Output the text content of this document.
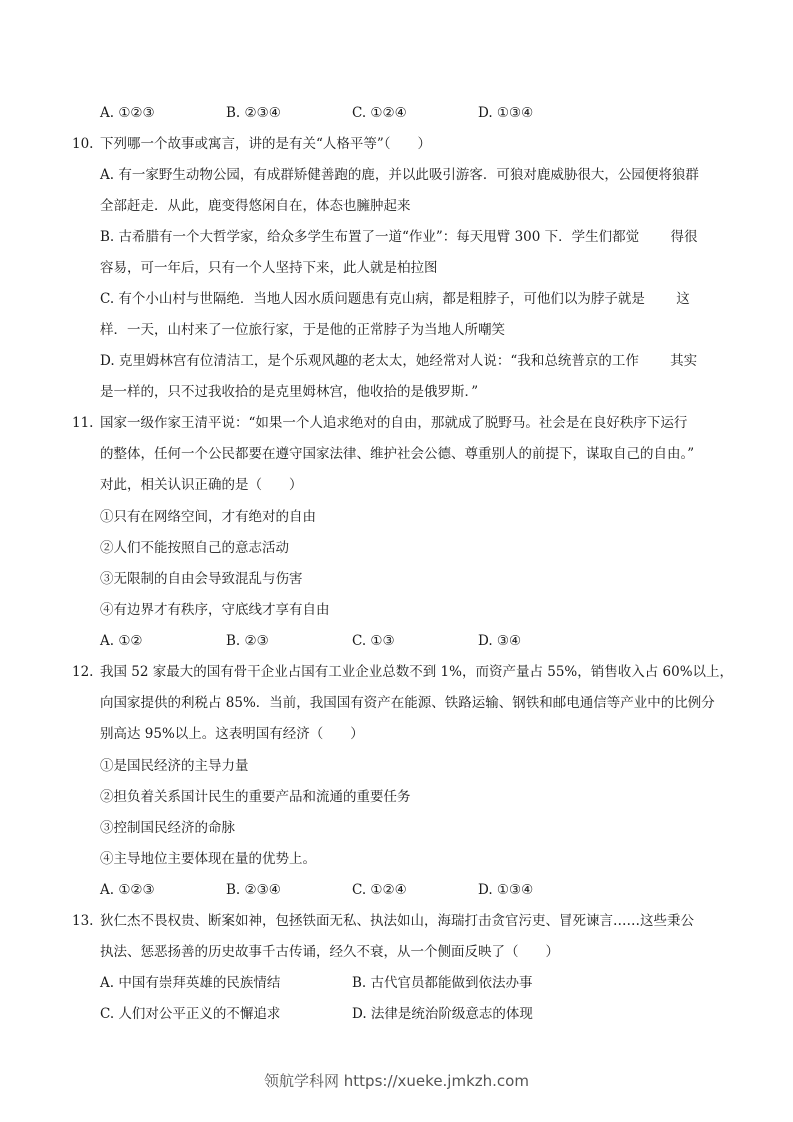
A. ①②③	B. ②③④	C. ①②④	D. ①③④
10. 下列哪一个故事或寓言，讲的是有关“人格平等”（　　）
A. 有一家野生动物公园，有成群矫健善跑的鹿，并以此吸引游客．可狼对鹿威胁很大，公园便将狼群
全部赶走．从此，鹿变得悠闲自在，体态也臃肿起来
B. 古希腊有一个大哲学家，给众多学生布置了一道“作业”：每天甩臂 300 下．学生们都觉　　 得很
容易，可一年后，只有一个人坚持下来，此人就是柏拉图
C. 有个小山村与世隔绝．当地人因水质问题患有克山病，都是粗脖子，可他们以为脖子就是　　 这
样．一天，山村来了一位旅行家，于是他的正常脖子为当地人所嘲笑
D. 克里姆林宫有位清洁工，是个乐观风趣的老太太，她经常对人说：“我和总统普京的工作　　 其实
是一样的，只不过我收拾的是克里姆林宫，他收拾的是俄罗斯．”
11. 国家一级作家王清平说：“如果一个人追求绝对的自由，那就成了脱野马。社会是在良好秩序下运行
的整体，任何一个公民都要在遵守国家法律、维护社会公德、尊重别人的前提下，谋取自己的自由。”
对此，相关认识正确的是（　　）
①只有在网络空间，才有绝对的自由
②人们不能按照自己的意志活动
③无限制的自由会导致混乱与伤害
④有边界才有秩序，守底线才享有自由
A. ①②	B. ②③	C. ①③	D. ③④
12. 我国 52 家最大的国有骨干企业占国有工业企业总数不到 1%，而资产量占 55%，销售收入占 60%以上，
向国家提供的利税占 85%．当前，我国国有资产在能源、铁路运输、钢铁和邮电通信等产业中的比例分
别高达 95%以上。这表明国有经济（　　）
①是国民经济的主导力量
②担负着关系国计民生的重要产品和流通的重要任务
③控制国民经济的命脉
④主导地位主要体现在量的优势上。
A. ①②③	B. ②③④	C. ①②④	D. ①③④
13. 狄仁杰不畏权贵、断案如神，包拯铁面无私、执法如山，海瑞打击贪官污吏、冒死谏言……这些秉公
执法、惩恶扬善的历史故事千古传诵，经久不衰，从一个侧面反映了（　　）
A. 中国有崇拜英雄的民族情结	B. 古代官员都能做到依法办事
C. 人们对公平正义的不懈追求	D. 法律是统治阶级意志的体现
领航学科网 https://xueke.jmkzh.com
